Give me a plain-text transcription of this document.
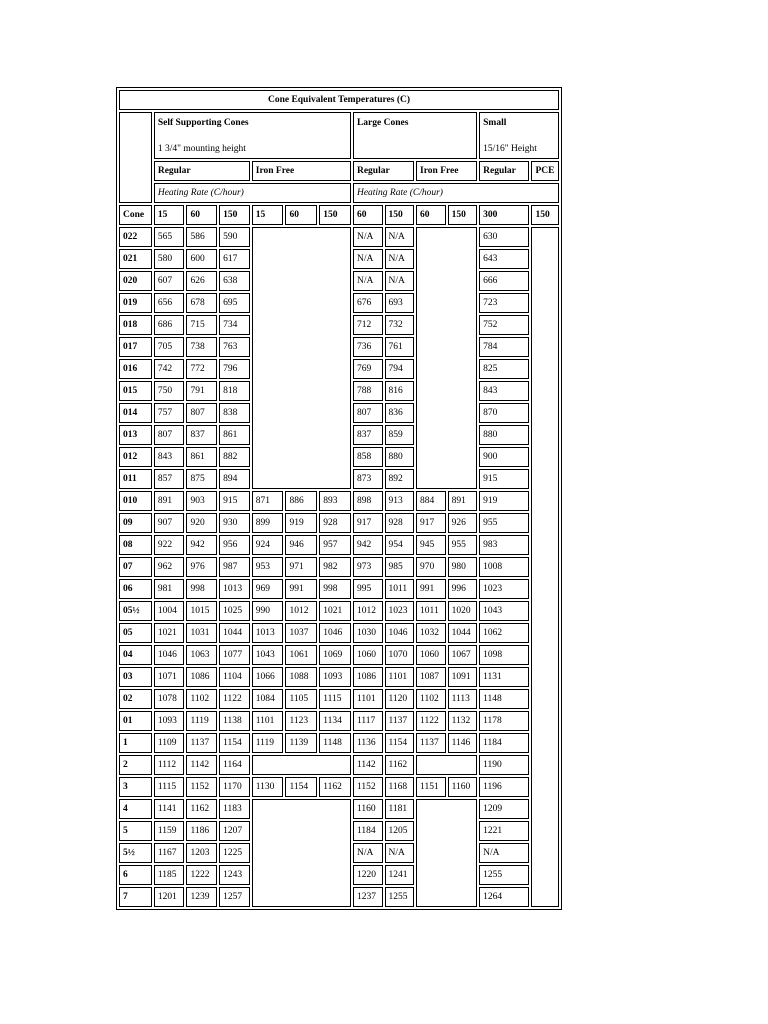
Cone Equivalent Temperatures (C)												

	Self Supporting Cones
1 3/4" mounting height						Large Cones				Small
15/16" Height	

	Regular			Iron Free			Regular		Iron Free		Regular	PCE
	Heating Rate (C/hour)						Heating Rate (C/hour)					
Cone	15	60	150	15	60	150	60	150	60	150	300	150
022	565	586	590				N/A	N/A			630	
021	580	600	617				N/A	N/A			643	
020	607	626	638				N/A	N/A			666	
019	656	678	695				676	693			723	
018	686	715	734				712	732			752	
017	705	738	763				736	761			784	
016	742	772	796				769	794			825	
015	750	791	818				788	816			843	
014	757	807	838				807	836			870	
013	807	837	861				837	859			880	
012	843	861	882				858	880			900	
011	857	875	894				873	892			915	
010	891	903	915	871	886	893	898	913	884	891	919	
09	907	920	930	899	919	928	917	928	917	926	955	
08	922	942	956	924	946	957	942	954	945	955	983	
07	962	976	987	953	971	982	973	985	970	980	1008	
06	981	998	1013	969	991	998	995	1011	991	996	1023	
05½	1004	1015	1025	990	1012	1021	1012	1023	1011	1020	1043	
05	1021	1031	1044	1013	1037	1046	1030	1046	1032	1044	1062	
04	1046	1063	1077	1043	1061	1069	1060	1070	1060	1067	1098	
03	1071	1086	1104	1066	1088	1093	1086	1101	1087	1091	1131	
02	1078	1102	1122	1084	1105	1115	1101	1120	1102	1113	1148	
01	1093	1119	1138	1101	1123	1134	1117	1137	1122	1132	1178	
1	1109	1137	1154	1119	1139	1148	1136	1154	1137	1146	1184	
2	1112	1142	1164				1142	1162			1190	
3	1115	1152	1170	1130	1154	1162	1152	1168	1151	1160	1196	
4	1141	1162	1183				1160	1181			1209	
5	1159	1186	1207				1184	1205			1221	
5½	1167	1203	1225				N/A	N/A			N/A	
6	1185	1222	1243				1220	1241			1255	
7	1201	1239	1257				1237	1255			1264	
